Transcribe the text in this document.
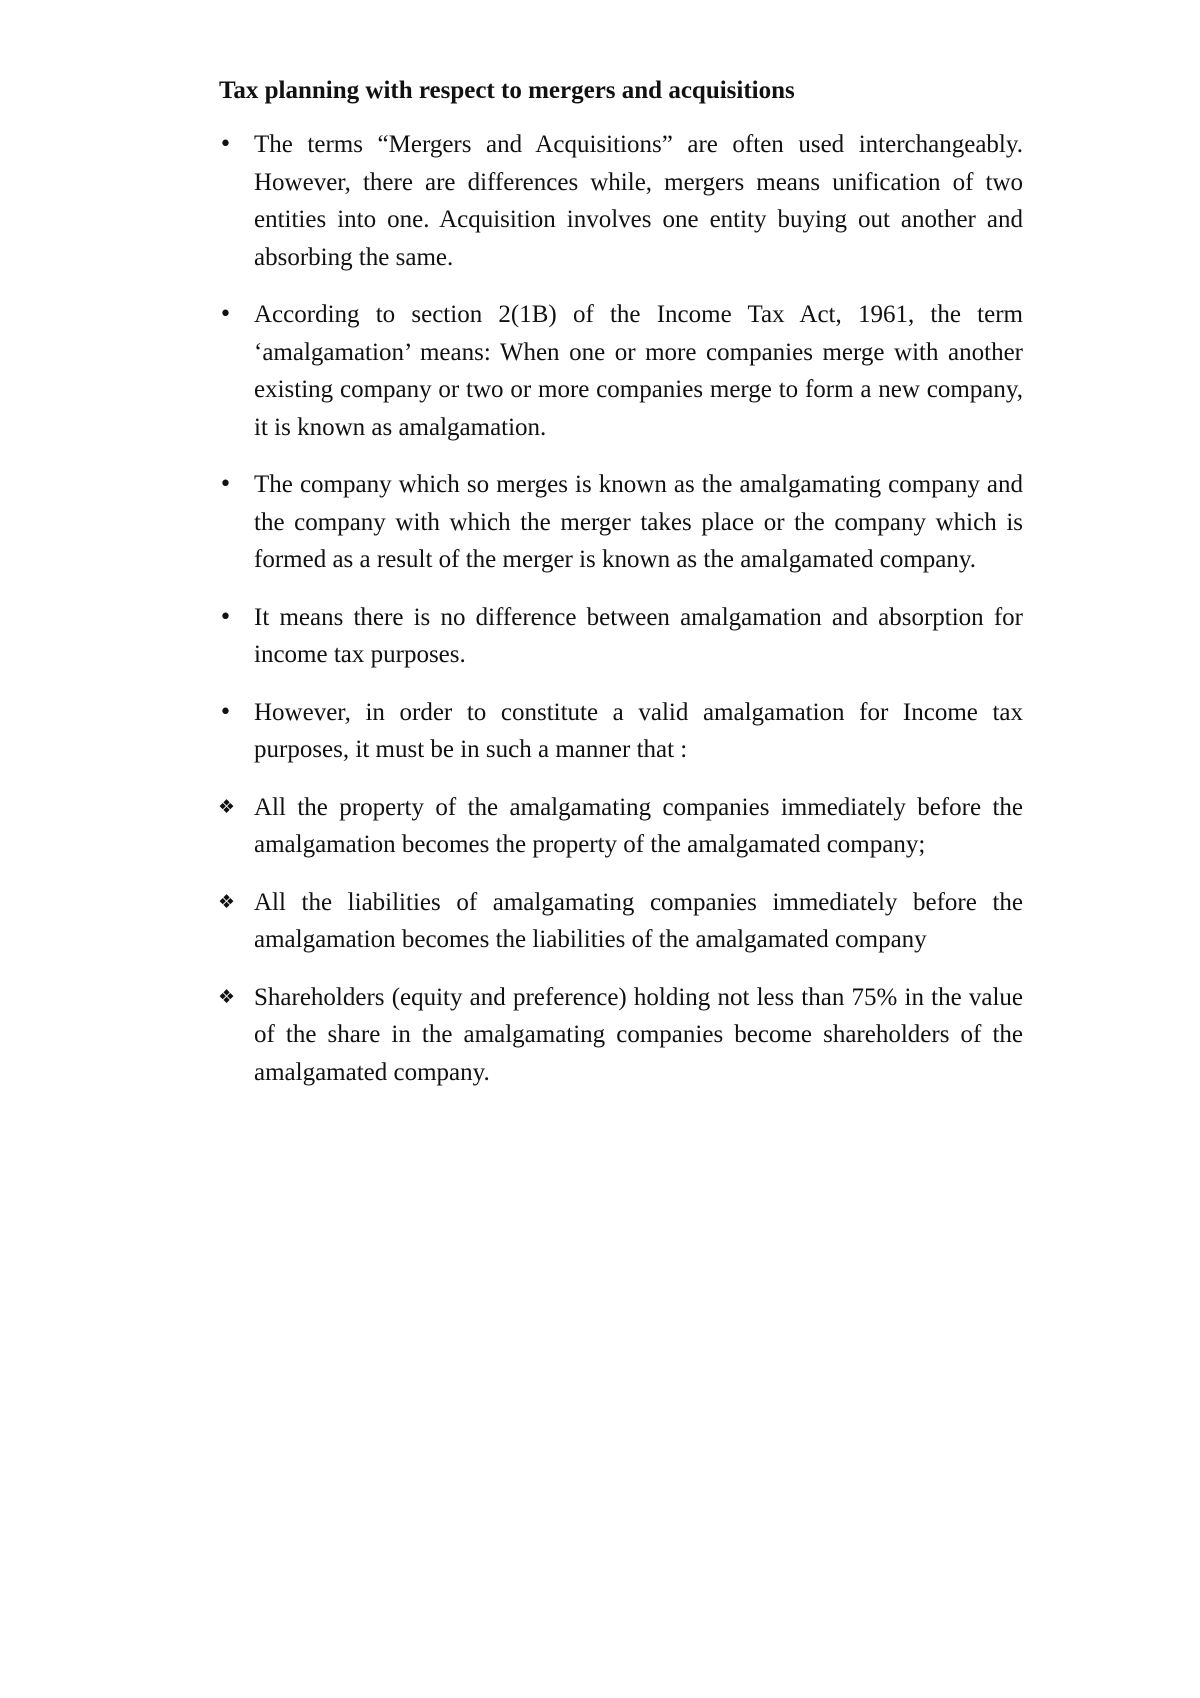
Tax planning with respect to mergers and acquisitions
• The terms “Mergers and Acquisitions” are often used interchangeably. However, there are differences while, mergers means unification of two entities into one. Acquisition involves one entity buying out another and absorbing the same.
• According to section 2(1B) of the Income Tax Act, 1961, the term ‘amalgamation’ means: When one or more companies merge with another existing company or two or more companies merge to form a new company, it is known as amalgamation.
• The company which so merges is known as the amalgamating company and the company with which the merger takes place or the company which is formed as a result of the merger is known as the amalgamated company.
• It means there is no difference between amalgamation and absorption for income tax purposes.
• However, in order to constitute a valid amalgamation for Income tax purposes, it must be in such a manner that :
❖ All the property of the amalgamating companies immediately before the amalgamation becomes the property of the amalgamated company;
❖ All the liabilities of amalgamating companies immediately before the amalgamation becomes the liabilities of the amalgamated company
❖ Shareholders (equity and preference) holding not less than 75% in the value of the share in the amalgamating companies become shareholders of the amalgamated company.
